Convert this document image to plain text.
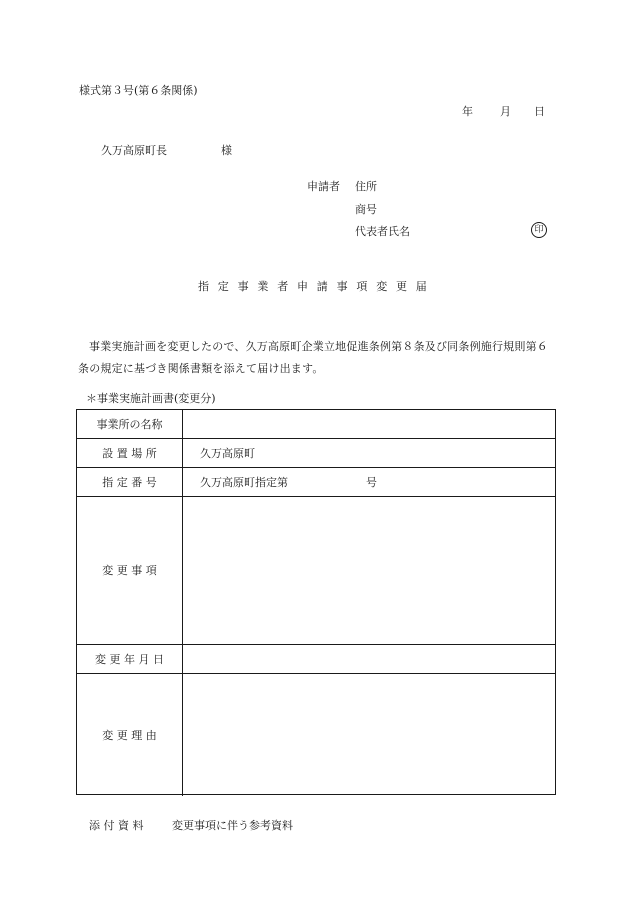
様式第３号(第６条関係)
年 月 日
久万高原町長	様
申請者 住所
商号
代表者氏名	印
指定事業者申請事項変更届
事業実施計画を変更したので、久万高原町企業立地促進条例第８条及び同条例施行規則第６条の規定に基づき関係書類を添えて届け出ます。
＊事業実施計画書(変更分)
事業所の名称
設 置 場 所	久万高原町
指 定 番 号	久万高原町指定第	号
変 更 事 項
変 更 年 月 日
変 更 理 由
添 付 資 料	変更事項に伴う参考資料
